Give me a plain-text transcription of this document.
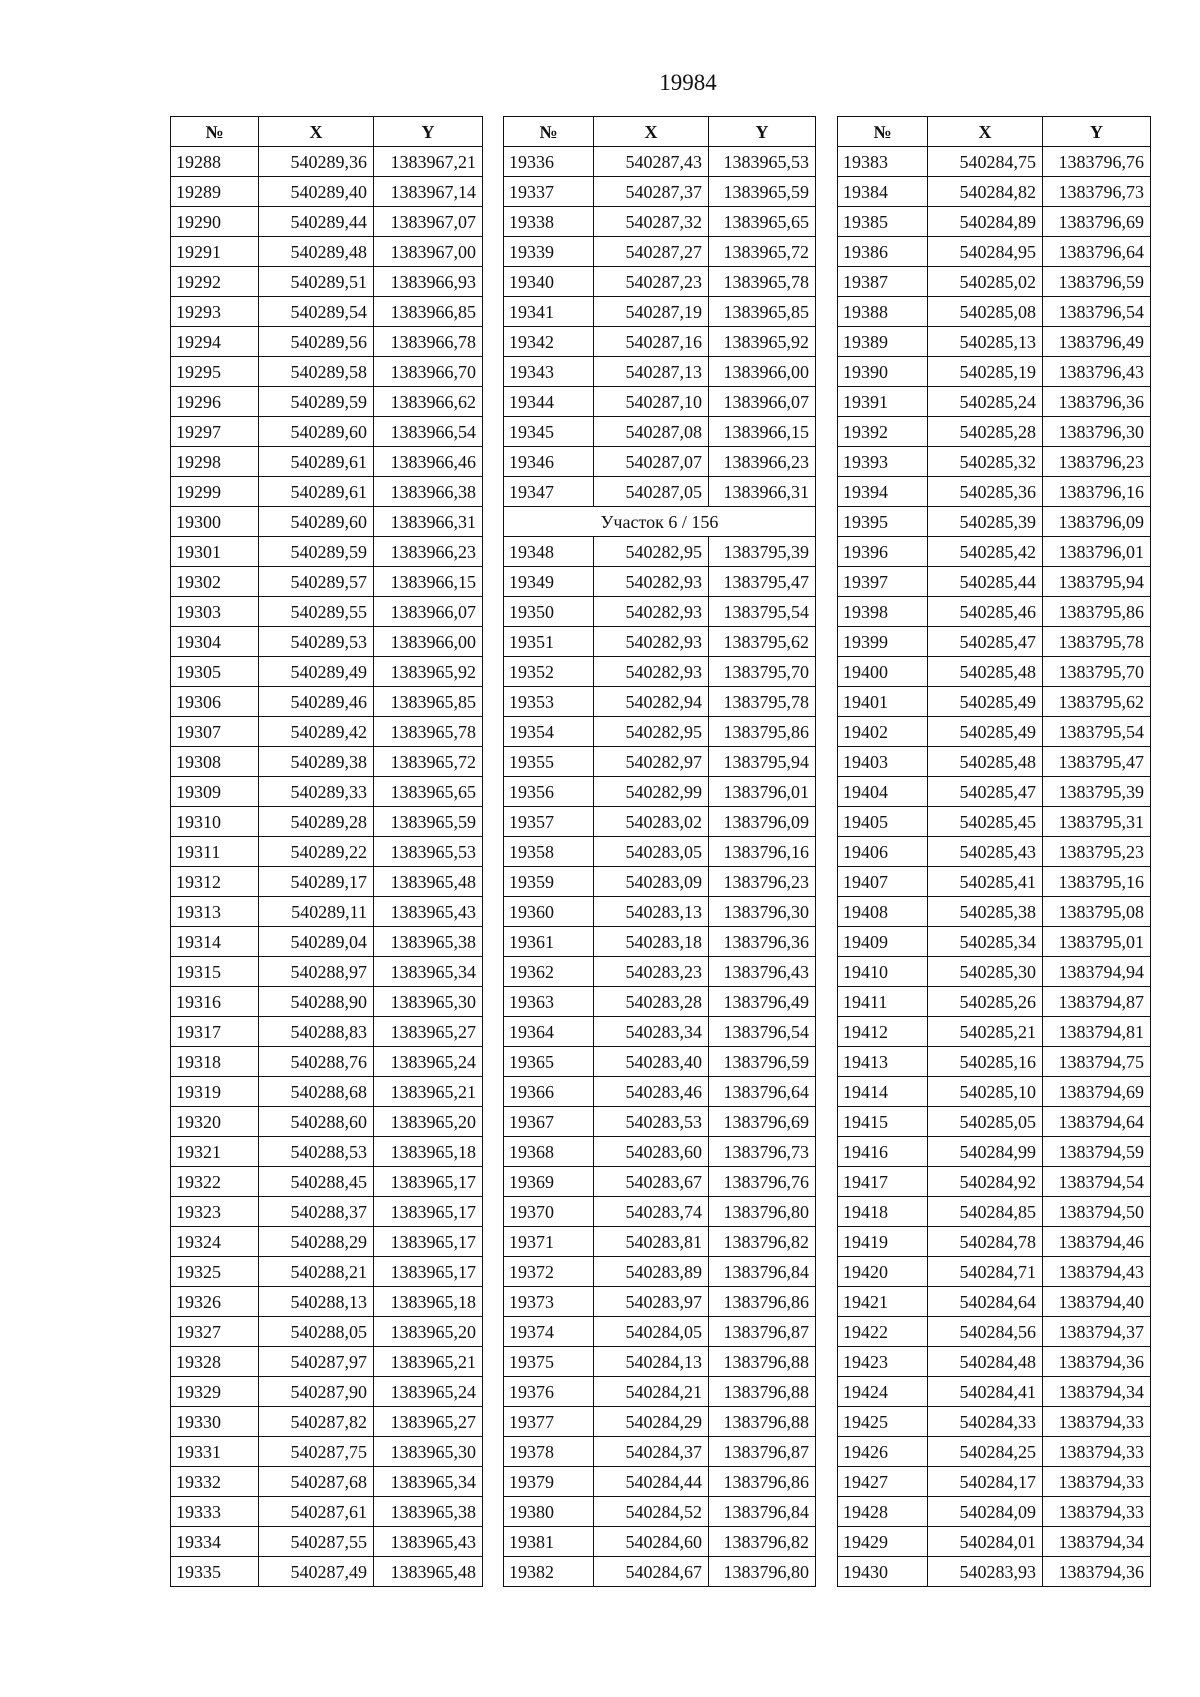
19984
№	X	Y
19288	540289,36	1383967,21
19289	540289,40	1383967,14
19290	540289,44	1383967,07
19291	540289,48	1383967,00
19292	540289,51	1383966,93
19293	540289,54	1383966,85
19294	540289,56	1383966,78
19295	540289,58	1383966,70
19296	540289,59	1383966,62
19297	540289,60	1383966,54
19298	540289,61	1383966,46
19299	540289,61	1383966,38
19300	540289,60	1383966,31
19301	540289,59	1383966,23
19302	540289,57	1383966,15
19303	540289,55	1383966,07
19304	540289,53	1383966,00
19305	540289,49	1383965,92
19306	540289,46	1383965,85
19307	540289,42	1383965,78
19308	540289,38	1383965,72
19309	540289,33	1383965,65
19310	540289,28	1383965,59
19311	540289,22	1383965,53
19312	540289,17	1383965,48
19313	540289,11	1383965,43
19314	540289,04	1383965,38
19315	540288,97	1383965,34
19316	540288,90	1383965,30
19317	540288,83	1383965,27
19318	540288,76	1383965,24
19319	540288,68	1383965,21
19320	540288,60	1383965,20
19321	540288,53	1383965,18
19322	540288,45	1383965,17
19323	540288,37	1383965,17
19324	540288,29	1383965,17
19325	540288,21	1383965,17
19326	540288,13	1383965,18
19327	540288,05	1383965,20
19328	540287,97	1383965,21
19329	540287,90	1383965,24
19330	540287,82	1383965,27
19331	540287,75	1383965,30
19332	540287,68	1383965,34
19333	540287,61	1383965,38
19334	540287,55	1383965,43
19335	540287,49	1383965,48
№	X	Y
19336	540287,43	1383965,53
19337	540287,37	1383965,59
19338	540287,32	1383965,65
19339	540287,27	1383965,72
19340	540287,23	1383965,78
19341	540287,19	1383965,85
19342	540287,16	1383965,92
19343	540287,13	1383966,00
19344	540287,10	1383966,07
19345	540287,08	1383966,15
19346	540287,07	1383966,23
19347	540287,05	1383966,31
Участок 6 / 156		
19348	540282,95	1383795,39
19349	540282,93	1383795,47
19350	540282,93	1383795,54
19351	540282,93	1383795,62
19352	540282,93	1383795,70
19353	540282,94	1383795,78
19354	540282,95	1383795,86
19355	540282,97	1383795,94
19356	540282,99	1383796,01
19357	540283,02	1383796,09
19358	540283,05	1383796,16
19359	540283,09	1383796,23
19360	540283,13	1383796,30
19361	540283,18	1383796,36
19362	540283,23	1383796,43
19363	540283,28	1383796,49
19364	540283,34	1383796,54
19365	540283,40	1383796,59
19366	540283,46	1383796,64
19367	540283,53	1383796,69
19368	540283,60	1383796,73
19369	540283,67	1383796,76
19370	540283,74	1383796,80
19371	540283,81	1383796,82
19372	540283,89	1383796,84
19373	540283,97	1383796,86
19374	540284,05	1383796,87
19375	540284,13	1383796,88
19376	540284,21	1383796,88
19377	540284,29	1383796,88
19378	540284,37	1383796,87
19379	540284,44	1383796,86
19380	540284,52	1383796,84
19381	540284,60	1383796,82
19382	540284,67	1383796,80
№	X	Y
19383	540284,75	1383796,76
19384	540284,82	1383796,73
19385	540284,89	1383796,69
19386	540284,95	1383796,64
19387	540285,02	1383796,59
19388	540285,08	1383796,54
19389	540285,13	1383796,49
19390	540285,19	1383796,43
19391	540285,24	1383796,36
19392	540285,28	1383796,30
19393	540285,32	1383796,23
19394	540285,36	1383796,16
19395	540285,39	1383796,09
19396	540285,42	1383796,01
19397	540285,44	1383795,94
19398	540285,46	1383795,86
19399	540285,47	1383795,78
19400	540285,48	1383795,70
19401	540285,49	1383795,62
19402	540285,49	1383795,54
19403	540285,48	1383795,47
19404	540285,47	1383795,39
19405	540285,45	1383795,31
19406	540285,43	1383795,23
19407	540285,41	1383795,16
19408	540285,38	1383795,08
19409	540285,34	1383795,01
19410	540285,30	1383794,94
19411	540285,26	1383794,87
19412	540285,21	1383794,81
19413	540285,16	1383794,75
19414	540285,10	1383794,69
19415	540285,05	1383794,64
19416	540284,99	1383794,59
19417	540284,92	1383794,54
19418	540284,85	1383794,50
19419	540284,78	1383794,46
19420	540284,71	1383794,43
19421	540284,64	1383794,40
19422	540284,56	1383794,37
19423	540284,48	1383794,36
19424	540284,41	1383794,34
19425	540284,33	1383794,33
19426	540284,25	1383794,33
19427	540284,17	1383794,33
19428	540284,09	1383794,33
19429	540284,01	1383794,34
19430	540283,93	1383794,36
